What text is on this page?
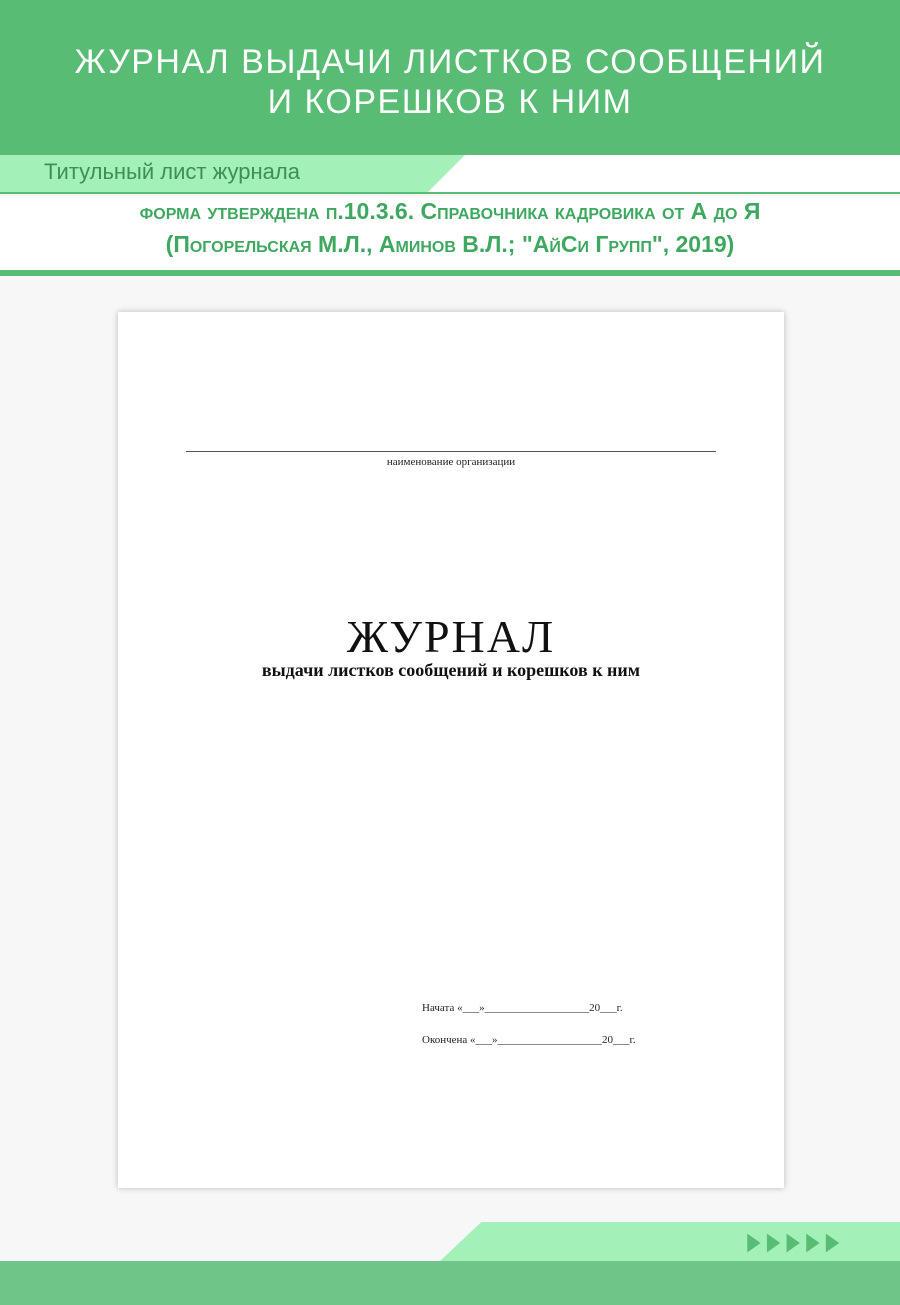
ЖУРНАЛ ВЫДАЧИ ЛИСТКОВ СООБЩЕНИЙ
И КОРЕШКОВ К НИМ
Титульный лист журнала
форма утверждена п.10.3.6. Справочника кадровика от А до Я
(Погорельская М.Л., Аминов В.Л.; "АйСи Групп", 2019)
наименование организации
ЖУРНАЛ
выдачи листков сообщений и корешков к ним
Начата «___»___________________20___г.
Окончена «___»___________________20___г.
